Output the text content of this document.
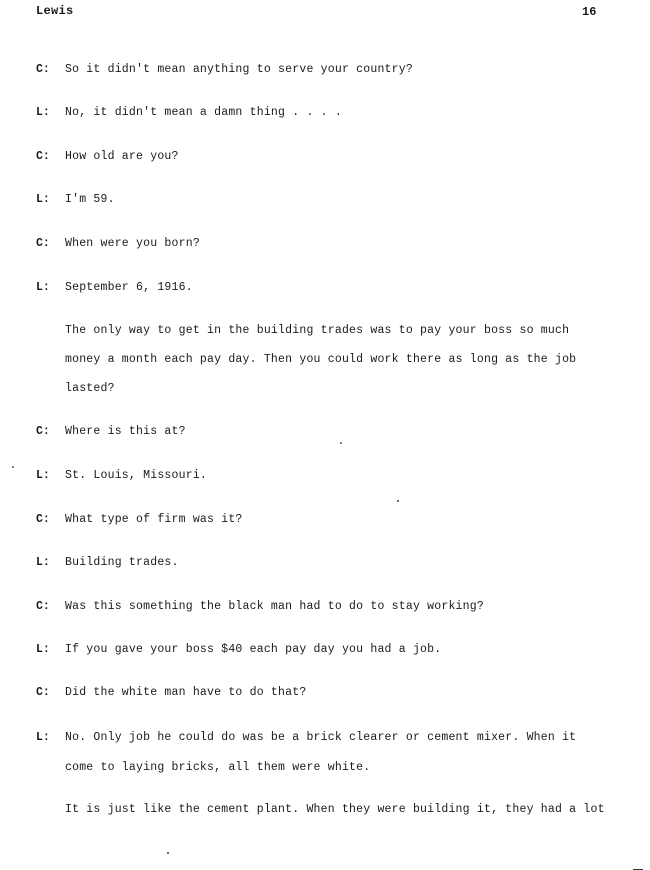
Lewis	16
C: So it didn't mean anything to serve your country?
L: No, it didn't mean a damn thing . . . .
C: How old are you?
L: I'm 59.
C: When were you born?
L: September 6, 1916.
The only way to get in the building trades was to pay your boss so much
money a month each pay day. Then you could work there as long as the job
lasted?
C: Where is this at?
L: St. Louis, Missouri.
C: What type of firm was it?
L: Building trades.
C: Was this something the black man had to do to stay working?
L: If you gave your boss $40 each pay day you had a job.
C: Did the white man have to do that?
L: No. Only job he could do was be a brick clearer or cement mixer. When it
come to laying bricks, all them were white.
It is just like the cement plant. When they were building it, they had a lot
